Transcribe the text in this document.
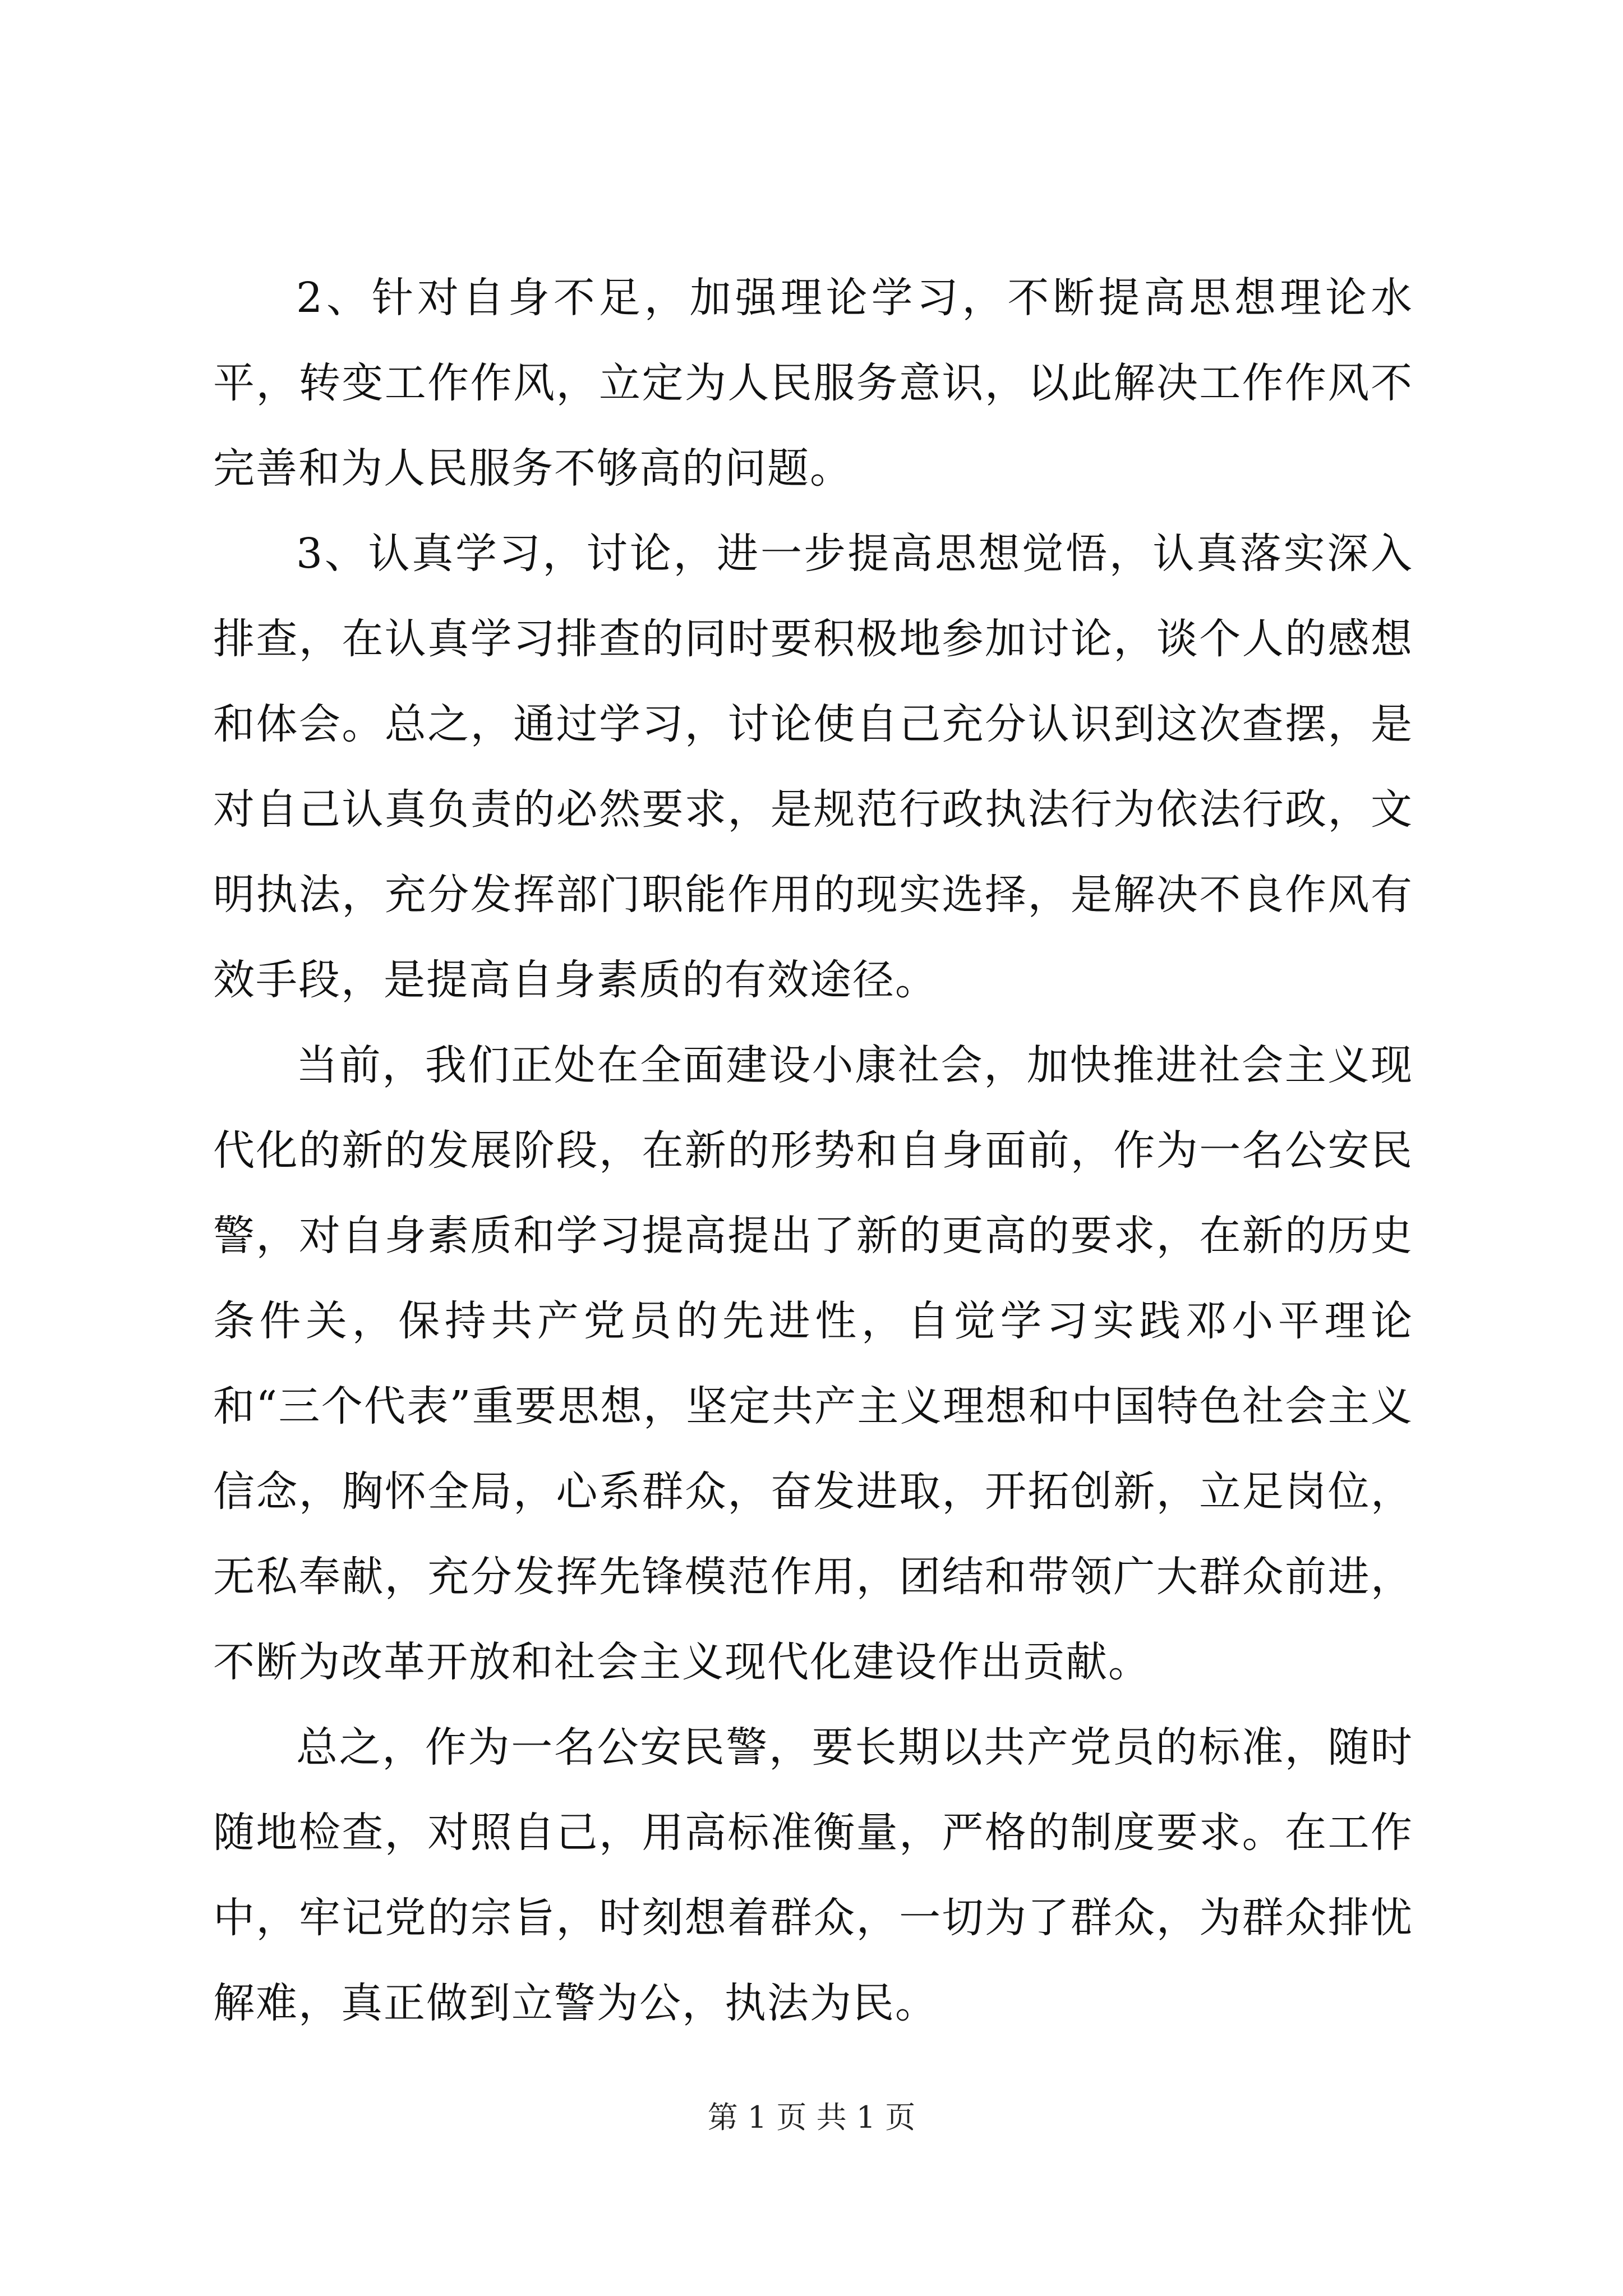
2、针对自身不足，加强理论学习，不断提高思想理论水平，转变工作作风，立定为人民服务意识，以此解决工作作风不完善和为人民服务不够高的问题。

3、认真学习，讨论，进一步提高思想觉悟，认真落实深入排查，在认真学习排查的同时要积极地参加讨论，谈个人的感想和体会。总之，通过学习，讨论使自己充分认识到这次查摆，是对自己认真负责的必然要求，是规范行政执法行为依法行政，文明执法，充分发挥部门职能作用的现实选择，是解决不良作风有效手段，是提高自身素质的有效途径。

当前，我们正处在全面建设小康社会，加快推进社会主义现代化的新的发展阶段，在新的形势和自身面前，作为一名公安民警，对自身素质和学习提高提出了新的更高的要求，在新的历史条件关，保持共产党员的先进性，自觉学习实践邓小平理论和“三个代表”重要思想，坚定共产主义理想和中国特色社会主义信念，胸怀全局，心系群众，奋发进取，开拓创新，立足岗位，无私奉献，充分发挥先锋模范作用，团结和带领广大群众前进，不断为改革开放和社会主义现代化建设作出贡献。

总之，作为一名公安民警，要长期以共产党员的标准，随时随地检查，对照自己，用高标准衡量，严格的制度要求。在工作中，牢记党的宗旨，时刻想着群众，一切为了群众，为群众排忧解难，真正做到立警为公，执法为民。

第 1 页 共 1 页
